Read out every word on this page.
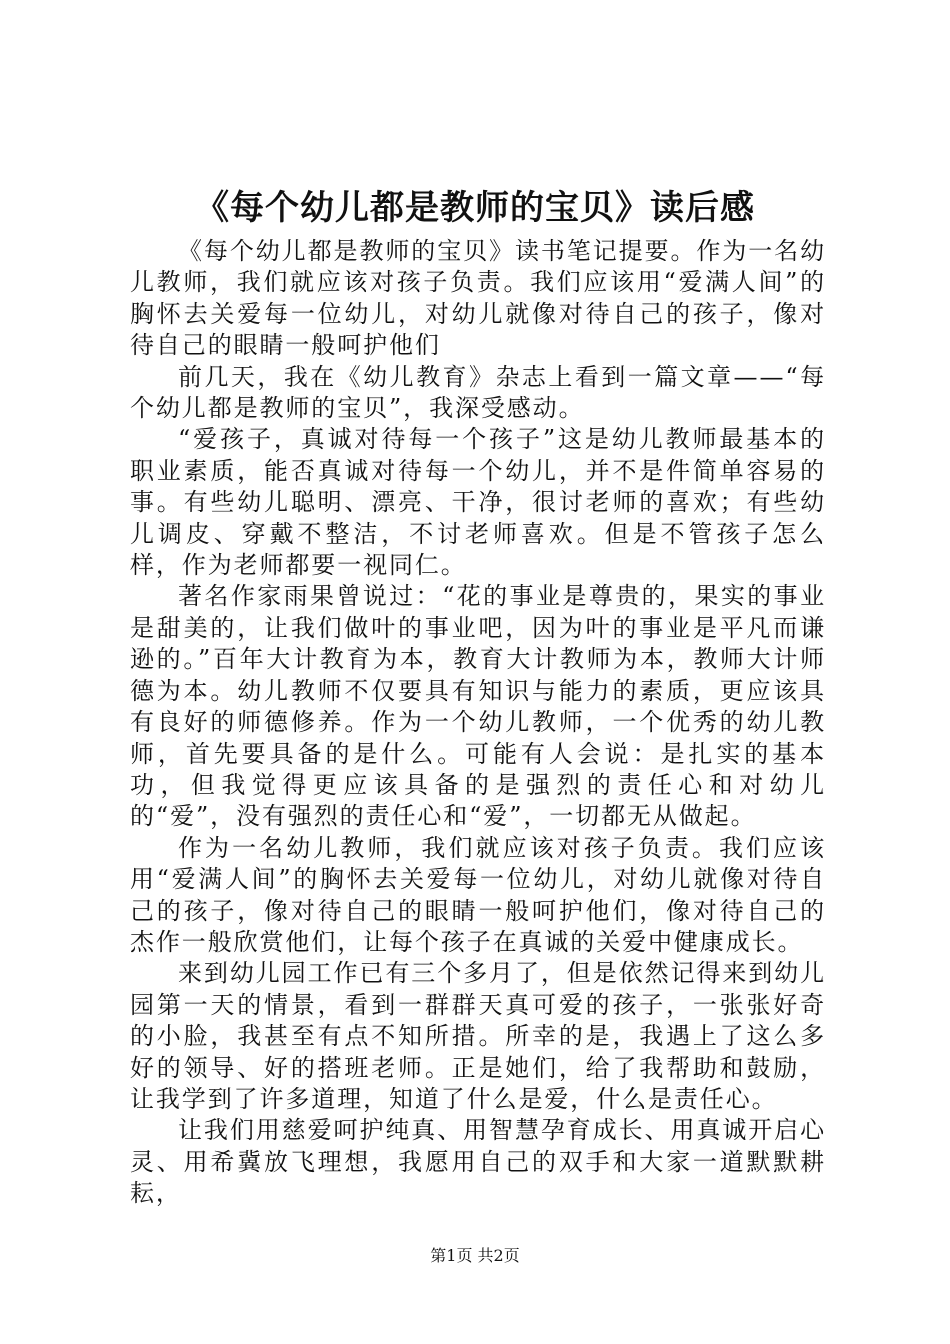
《每个幼儿都是教师的宝贝》读后感

《每个幼儿都是教师的宝贝》读书笔记提要。作为一名幼儿教师，我们就应该对孩子负责。我们应该用“爱满人间”的胸怀去关爱每一位幼儿，对幼儿就像对待自己的孩子，像对待自己的眼睛一般呵护他们

前几天，我在《幼儿教育》杂志上看到一篇文章——“每个幼儿都是教师的宝贝”，我深受感动。

“爱孩子，真诚对待每一个孩子”这是幼儿教师最基本的职业素质，能否真诚对待每一个幼儿，并不是件简单容易的事。有些幼儿聪明、漂亮、干净，很讨老师的喜欢；有些幼儿调皮、穿戴不整洁，不讨老师喜欢。但是不管孩子怎么样，作为老师都要一视同仁。

著名作家雨果曾说过：“花的事业是尊贵的，果实的事业是甜美的，让我们做叶的事业吧，因为叶的事业是平凡而谦逊的。”百年大计教育为本，教育大计教师为本，教师大计师德为本。幼儿教师不仅要具有知识与能力的素质，更应该具有良好的师德修养。作为一个幼儿教师，一个优秀的幼儿教师，首先要具备的是什么。可能有人会说：是扎实的基本功，但我觉得更应该具备的是强烈的责任心和对幼儿的“爱”，没有强烈的责任心和“爱”，一切都无从做起。

作为一名幼儿教师，我们就应该对孩子负责。我们应该用“爱满人间”的胸怀去关爱每一位幼儿，对幼儿就像对待自己的孩子，像对待自己的眼睛一般呵护他们，像对待自己的杰作一般欣赏他们，让每个孩子在真诚的关爱中健康成长。

来到幼儿园工作已有三个多月了，但是依然记得来到幼儿园第一天的情景，看到一群群天真可爱的孩子，一张张好奇的小脸，我甚至有点不知所措。所幸的是，我遇上了这么多好的领导、好的搭班老师。正是她们，给了我帮助和鼓励，让我学到了许多道理，知道了什么是爱，什么是责任心。

让我们用慈爱呵护纯真、用智慧孕育成长、用真诚开启心灵、用希冀放飞理想，我愿用自己的双手和大家一道默默耕耘，

第1页 共2页
